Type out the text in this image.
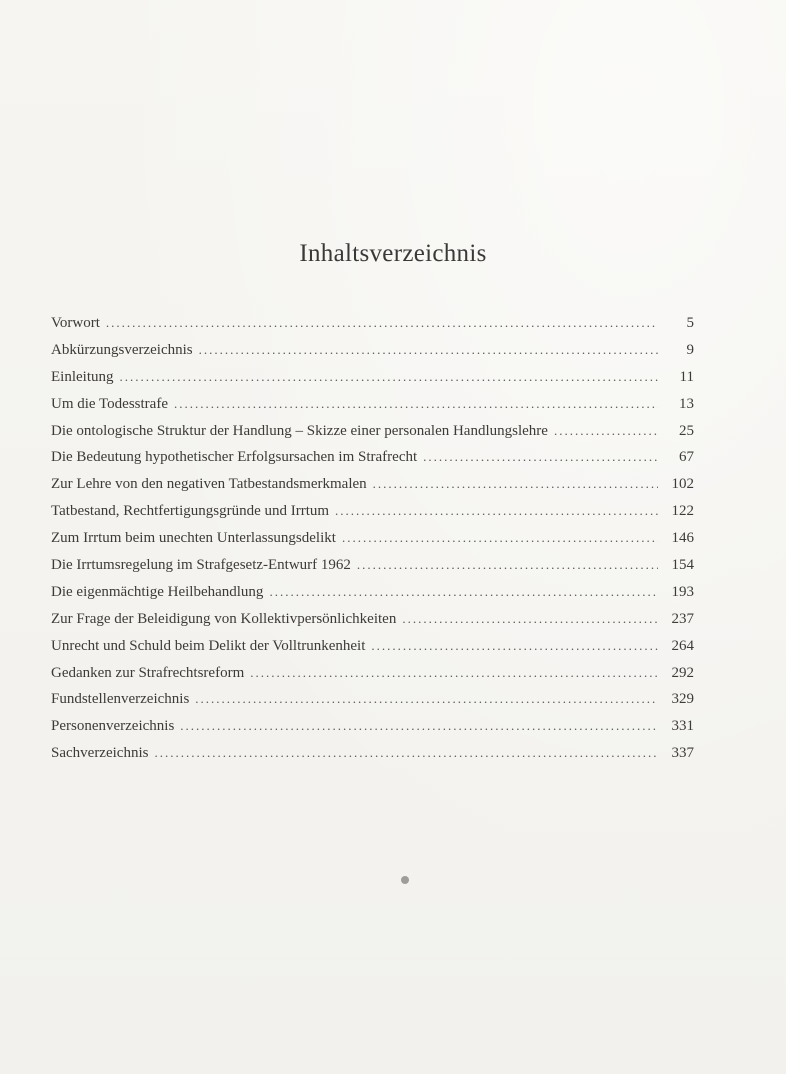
Inhaltsverzeichnis
Vorwort .....	5
Abkürzungsverzeichnis .....	9
Einleitung .....	11
Um die Todesstrafe .....	13
Die ontologische Struktur der Handlung – Skizze einer personalen Handlungslehre .....	25
Die Bedeutung hypothetischer Erfolgsursachen im Strafrecht .....	67
Zur Lehre von den negativen Tatbestandsmerkmalen .....	102
Tatbestand, Rechtfertigungsgründe und Irrtum .....	122
Zum Irrtum beim unechten Unterlassungsdelikt .....	146
Die Irrtumsregelung im Strafgesetz-Entwurf 1962 .....	154
Die eigenmächtige Heilbehandlung .....	193
Zur Frage der Beleidigung von Kollektivpersönlichkeiten .....	237
Unrecht und Schuld beim Delikt der Volltrunkenheit .....	264
Gedanken zur Strafrechtsreform .....	292
Fundstellenverzeichnis .....	329
Personenverzeichnis .....	331
Sachverzeichnis .....	337
